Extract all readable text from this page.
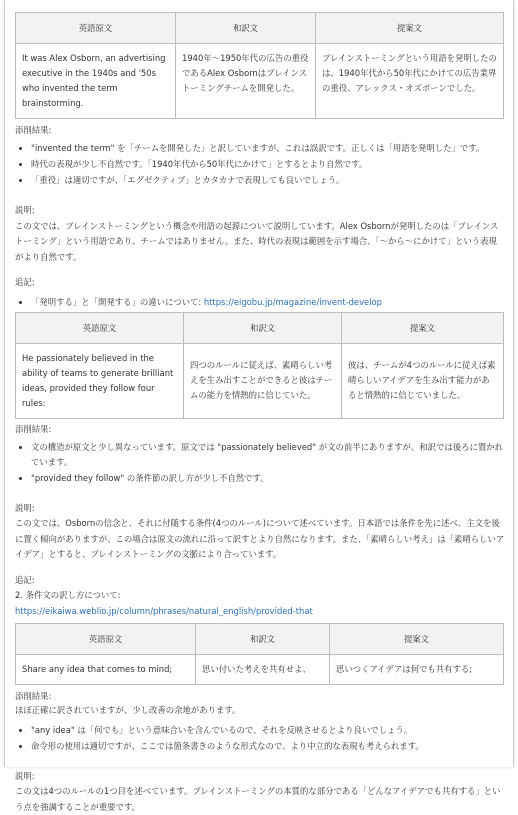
英語原文	和訳文	提案文
It was Alex Osborn, an advertising executive in the 1940s and '50s who invented the term brainstorming.	1940年〜1950年代の広告の重役であるAlex Osbornはブレインストーミングチームを開発した。	ブレインストーミングという用語を発明したのは、1940年代から50年代にかけての広告業界の重役、アレックス・オズボーンでした。

添削結果:

• "invented the term" を「チームを開発した」と訳していますが、これは誤訳です。正しくは「用語を発明した」です。
• 時代の表現が少し不自然です。「1940年代から50年代にかけて」とするとより自然です。
• 「重役」は適切ですが、「エグゼクティブ」とカタカナで表現しても良いでしょう。

説明:

この文では、ブレインストーミングという概念や用語の起源について説明しています。Alex Osbornが発明したのは「ブレインストーミング」という用語であり、チームではありません。また、時代の表現は範囲を示す場合、「〜から〜にかけて」という表現がより自然です。

追記:

• 「発明する」と「開発する」の違いについて: https://eigobu.jp/magazine/invent-develop
英語原文	和訳文	提案文
He passionately believed in the ability of teams to generate brilliant ideas, provided they follow four rules:	四つのルールに従えば、素晴らしい考えを生み出すことができると彼はチームの能力を情熱的に信じていた。	彼は、チームが4つのルールに従えば素晴らしいアイデアを生み出す能力があると情熱的に信じていました。

添削結果:

• 文の構造が原文と少し異なっています。原文では "passionately believed" が文の前半にありますが、和訳では後ろに置かれています。
• "provided they follow" の条件節の訳し方が少し不自然です。

説明:

この文では、Osbornの信念と、それに付随する条件(4つのルール)について述べています。日本語では条件を先に述べ、主文を後に置く傾向がありますが、この場合は原文の流れに沿って訳すとより自然になります。また、「素晴らしい考え」は「素晴らしいアイデア」とすると、ブレインストーミングの文脈により合っています。

追記:

2. 条件文の訳し方について:

https://eikaiwa.weblio.jp/column/phrases/natural_english/provided-that

英語原文	和訳文	提案文
Share any idea that comes to mind;	思い付いた考えを共有せよ、	思いつくアイデアは何でも共有する;

添削結果:

ほぼ正確に訳されていますが、少し改善の余地があります。

• "any idea" は「何でも」という意味合いを含んでいるので、それを反映させるとより良いでしょう。
• 命令形の使用は適切ですが、ここでは箇条書きのような形式なので、より中立的な表現も考えられます。

説明:

この文は4つのルールの1つ目を述べています。ブレインストーミングの本質的な部分である「どんなアイデアでも共有する」という点を強調することが重要です。
